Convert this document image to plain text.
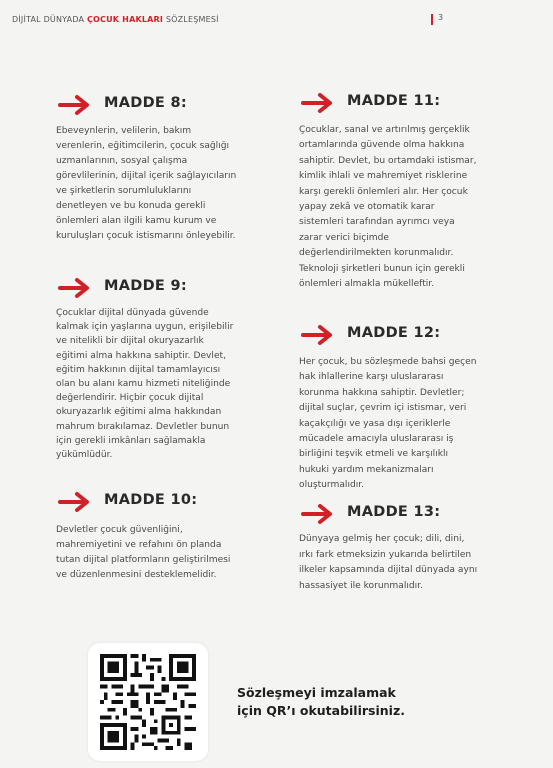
DİJİTAL DÜNYADA ÇOCUK HAKLARI SÖZLEŞMESİ	3
MADDE 8:
Ebeveynlerin, velilerin, bakım
verenlerin, eğitimcilerin, çocuk sağlığı
uzmanlarının, sosyal çalışma
görevlilerinin, dijital içerik sağlayıcıların
ve şirketlerin sorumluluklarını
denetleyen ve bu konuda gerekli
önlemleri alan ilgili kamu kurum ve
kuruluşları çocuk istismarını önleyebilir.
MADDE 9:
Çocuklar dijital dünyada güvende
kalmak için yaşlarına uygun, erişilebilir
ve nitelikli bir dijital okuryazarlık
eğitimi alma hakkına sahiptir. Devlet,
eğitim hakkının dijital tamamlayıcısı
olan bu alanı kamu hizmeti niteliğinde
değerlendirir. Hiçbir çocuk dijital
okuryazarlık eğitimi alma hakkından
mahrum bırakılamaz. Devletler bunun
için gerekli imkânları sağlamakla
yükümlüdür.
MADDE 10:
Devletler çocuk güvenliğini,
mahremiyetini ve refahını ön planda
tutan dijital platformların geliştirilmesi
ve düzenlenmesini desteklemelidir.
MADDE 11:
Çocuklar, sanal ve artırılmış gerçeklik
ortamlarında güvende olma hakkına
sahiptir. Devlet, bu ortamdaki istismar,
kimlik ihlali ve mahremiyet risklerine
karşı gerekli önlemleri alır. Her çocuk
yapay zekâ ve otomatik karar
sistemleri tarafından ayrımcı veya
zarar verici biçimde
değerlendirilmekten korunmalıdır.
Teknoloji şirketleri bunun için gerekli
önlemleri almakla mükelleftir.
MADDE 12:
Her çocuk, bu sözleşmede bahsi geçen
hak ihlallerine karşı uluslararası
korunma hakkına sahiptir. Devletler;
dijital suçlar, çevrim içi istismar, veri
kaçakçılığı ve yasa dışı içeriklerle
mücadele amacıyla uluslararası iş
birliğini teşvik etmeli ve karşılıklı
hukuki yardım mekanizmaları
oluşturmalıdır.
MADDE 13:
Dünyaya gelmiş her çocuk; dili, dini,
ırkı fark etmeksizin yukarıda belirtilen
ilkeler kapsamında dijital dünyada aynı
hassasiyet ile korunmalıdır.
Sözleşmeyi imzalamak
için QR’ı okutabilirsiniz.
